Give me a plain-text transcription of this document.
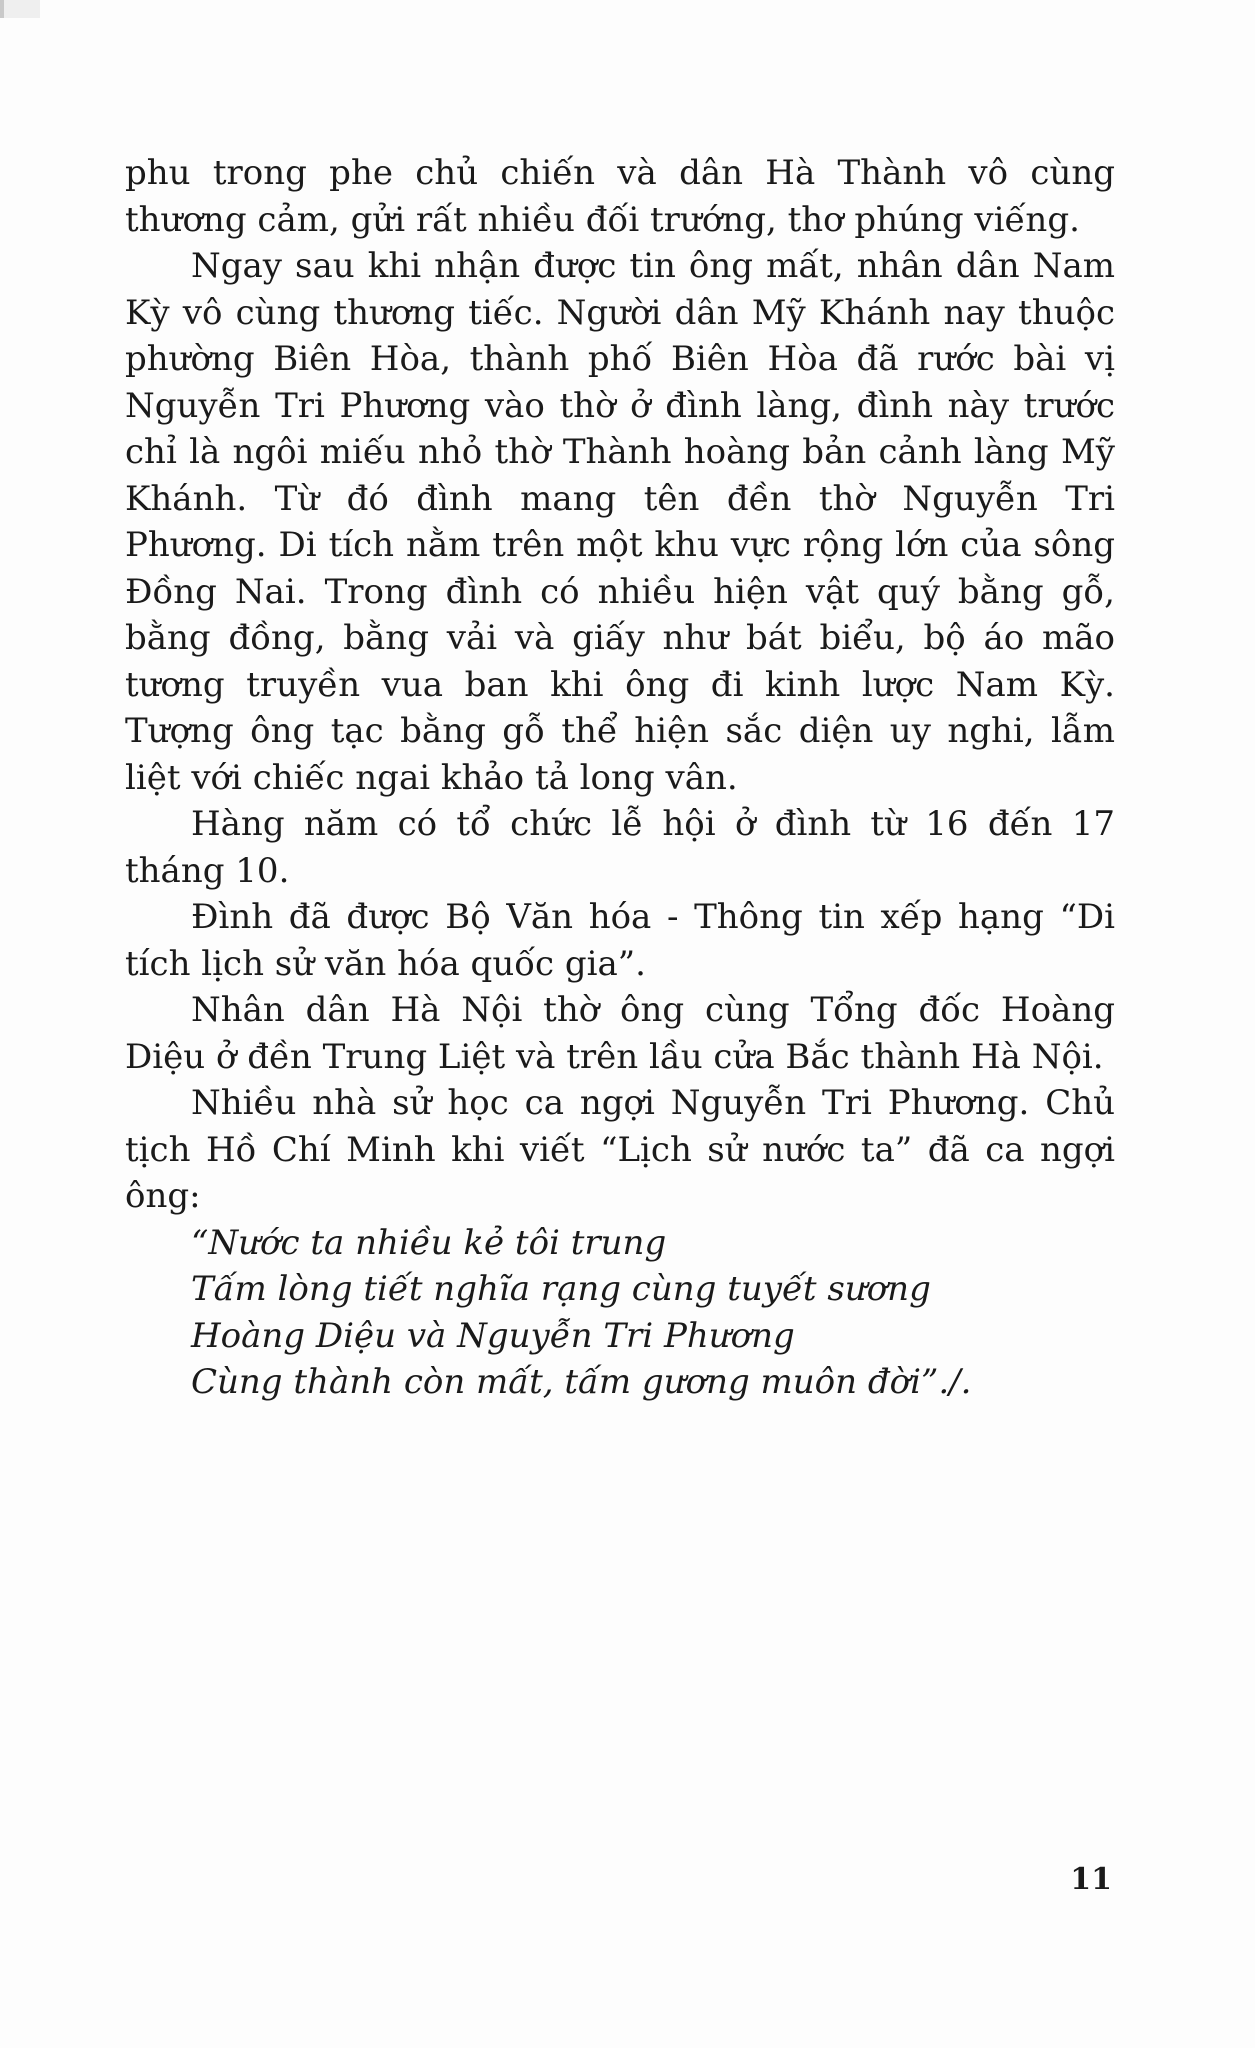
phu trong phe chủ chiến và dân Hà Thành vô cùng thương cảm, gửi rất nhiều đối trướng, thơ phúng viếng.

Ngay sau khi nhận được tin ông mất, nhân dân Nam Kỳ vô cùng thương tiếc. Người dân Mỹ Khánh nay thuộc phường Biên Hòa, thành phố Biên Hòa đã rước bài vị Nguyễn Tri Phương vào thờ ở đình làng, đình này trước chỉ là ngôi miếu nhỏ thờ Thành hoàng bản cảnh làng Mỹ Khánh. Từ đó đình mang tên đền thờ Nguyễn Tri Phương. Di tích nằm trên một khu vực rộng lớn của sông Đồng Nai. Trong đình có nhiều hiện vật quý bằng gỗ, bằng đồng, bằng vải và giấy như bát biểu, bộ áo mão tương truyền vua ban khi ông đi kinh lược Nam Kỳ. Tượng ông tạc bằng gỗ thể hiện sắc diện uy nghi, lẫm liệt với chiếc ngai khảo tả long vân.

Hàng năm có tổ chức lễ hội ở đình từ 16 đến 17 tháng 10.

Đình đã được Bộ Văn hóa - Thông tin xếp hạng “Di tích lịch sử văn hóa quốc gia”.

Nhân dân Hà Nội thờ ông cùng Tổng đốc Hoàng Diệu ở đền Trung Liệt và trên lầu cửa Bắc thành Hà Nội.

Nhiều nhà sử học ca ngợi Nguyễn Tri Phương. Chủ tịch Hồ Chí Minh khi viết “Lịch sử nước ta” đã ca ngợi ông:

“Nước ta nhiều kẻ tôi trung
Tấm lòng tiết nghĩa rạng cùng tuyết sương
Hoàng Diệu và Nguyễn Tri Phương
Cùng thành còn mất, tấm gương muôn đời”./.
11
